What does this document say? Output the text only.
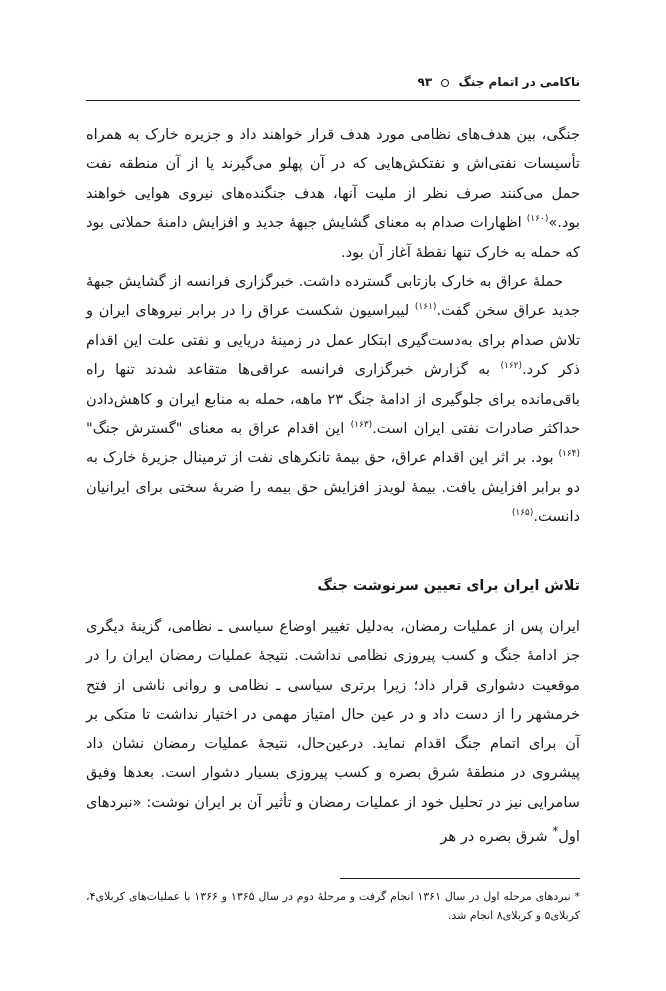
ناکامی در اتمام جنگ  ۹۳

جنگی، بین هدف‌های نظامی مورد هدف قرار خواهند داد و جزیره خارک به همراه تأسیسات نفتی‌اش و نفتکش‌هایی که در آن پهلو می‌گیرند یا از آن منطقه نفت حمل می‌کنند صرف نظر از ملیت آنها، هدف جنگنده‌های نیروی هوایی خواهند بود.»$^{(۱۶۰)}$ اظهارات صدام به معنای گشایش جبهۀ جدید و افزایش دامنۀ حملاتی بود که حمله به خارک تنها نقطۀ آغاز آن بود.

حملۀ عراق به خارک بازتابی گسترده داشت. خبرگزاری فرانسه از گشایش جبهۀ جدید عراق سخن گفت.$^{(۱۶۱)}$ لیبراسیون شکست عراق را در برابر نیروهای ایران و تلاش صدام برای به‌دست‌گیری ابتکار عمل در زمینۀ دریایی و نفتی علت این اقدام ذکر کرد.$^{(۱۶۲)}$ به گزارش خبرگزاری فرانسه عراقی‌ها متقاعد شدند تنها راه باقی‌مانده برای جلوگیری از ادامۀ جنگ ۲۳ ماهه، حمله به منابع ایران و کاهش‌دادن حداکثر صادرات نفتی ایران است.$^{(۱۶۳)}$ این اقدام عراق به معنای "گسترش جنگ"$^{(۱۶۴)}$ بود. بر اثر این اقدام عراق، حق بیمۀ تانکرهای نفت از ترمینال جزیرۀ خارک به دو برابر افزایش یافت. بیمۀ لویدز افزایش حق بیمه را ضربۀ سختی برای ایرانیان دانست.$^{(۱۶۵)}$

تلاش ایران برای تعیین سرنوشت جنگ

ایران پس از عملیات رمضان، به‌دلیل تغییر اوضاع سیاسی ـ نظامی، گزینۀ دیگری جز ادامۀ جنگ و کسب پیروزی نظامی نداشت. نتیجۀ عملیات رمضان ایران را در موقعیت دشواری قرار داد؛ زیرا برتری سیاسی ـ نظامی و روانی ناشی از فتح خرمشهر را از دست داد و در عین حال امتیاز مهمی در اختیار نداشت تا متکی بر آن برای اتمام جنگ اقدام نماید. درعین‌حال، نتیجۀ عملیات رمضان نشان داد پیشروی در منطقۀ شرق بصره و کسب پیروزی بسیار دشوار است. بعدها وفیق سامرایی نیز در تحلیل خود از عملیات رمضان و تأثیر آن بر ایران نوشت: «نبردهای اول* شرق بصره در هر

* نبردهای مرحله اول در سال ۱۳۶۱ انجام گرفت و مرحلۀ دوم در سال ۱۳۶۵ و ۱۳۶۶ با عملیات‌های کربلای۴، کربلای۵ و کربلای۸ انجام شد.
